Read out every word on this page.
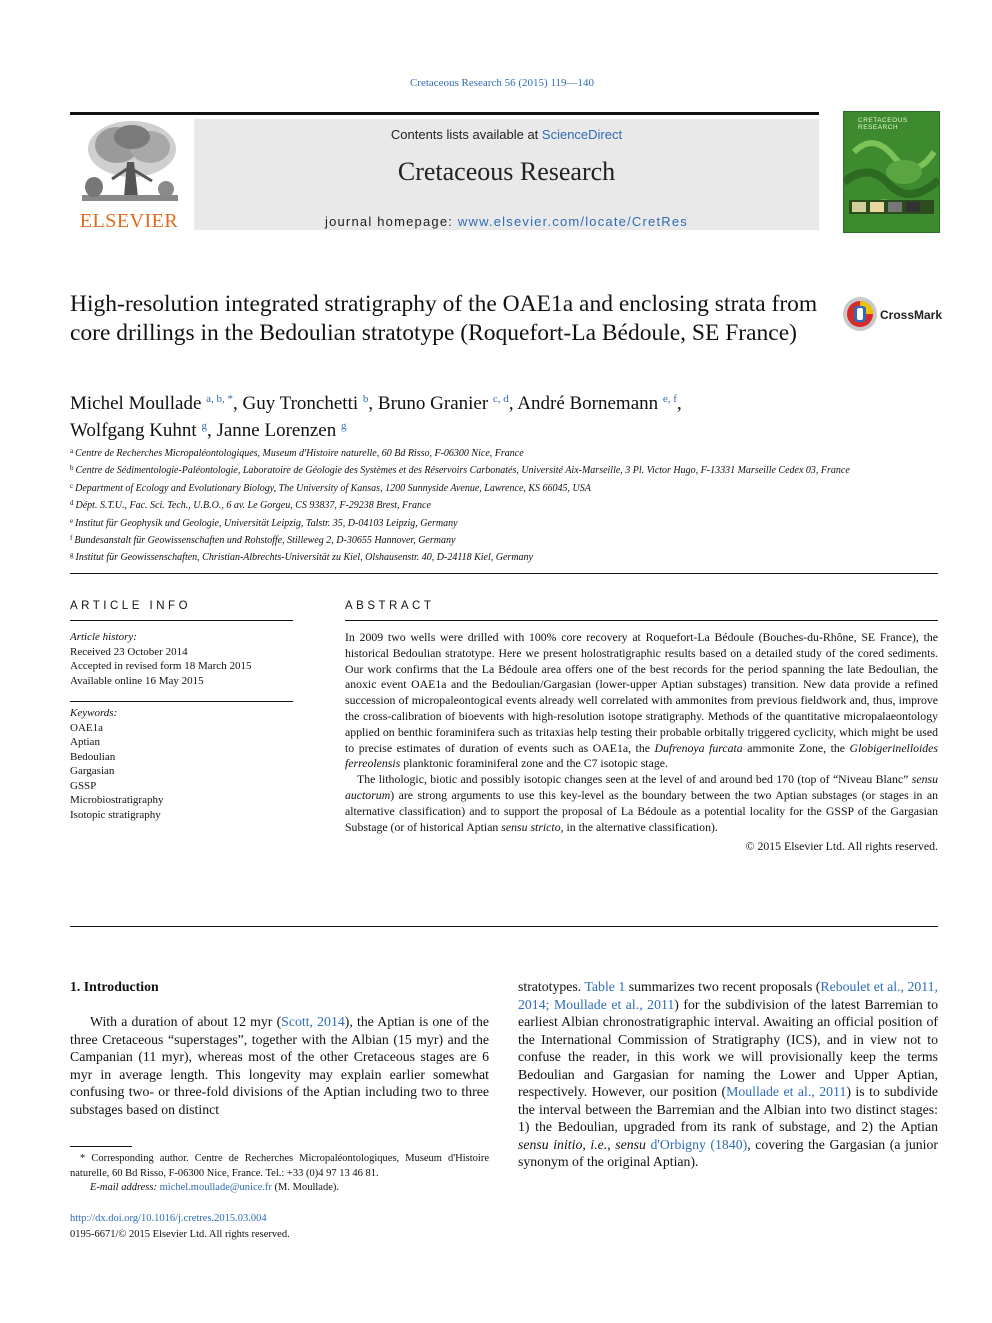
Cretaceous Research 56 (2015) 119—140
ELSEVIER
Contents lists available at ScienceDirect
Cretaceous Research
journal homepage: www.elsevier.com/locate/CretRes
CRETACEOUS RESEARCH
High-resolution integrated stratigraphy of the OAE1a and enclosing strata from core drillings in the Bedoulian stratotype (Roquefort-La Bédoule, SE France)
CrossMark
Michel Moullade $^{a, b, *}$, Guy Tronchetti $^b$, Bruno Granier $^{c, d}$, André Bornemann $^{e, f}$,
Wolfgang Kuhnt $^g$, Janne Lorenzen $^g$
$^a$ Centre de Recherches Micropaléontologiques, Museum d'Histoire naturelle, 60 Bd Risso, F-06300 Nice, France
$^b$ Centre de Sédimentologie-Paléontologie, Laboratoire de Géologie des Systèmes et des Réservoirs Carbonatés, Université Aix-Marseille, 3 Pl. Victor Hugo, F-13331 Marseille Cedex 03, France
$^c$ Department of Ecology and Evolutionary Biology, The University of Kansas, 1200 Sunnyside Avenue, Lawrence, KS 66045, USA
$^d$ Dépt. S.T.U., Fac. Sci. Tech., U.B.O., 6 av. Le Gorgeu, CS 93837, F-29238 Brest, France
$^e$ Institut für Geophysik und Geologie, Universität Leipzig, Talstr. 35, D-04103 Leipzig, Germany
$^f$ Bundesanstalt für Geowissenschaften und Rohstoffe, Stilleweg 2, D-30655 Hannover, Germany
$^g$ Institut für Geowissenschaften, Christian-Albrechts-Universität zu Kiel, Olshausenstr. 40, D-24118 Kiel, Germany
ARTICLE INFO
Article history:
Received 23 October 2014
Accepted in revised form 18 March 2015
Available online 16 May 2015
Keywords:
OAE1a
Aptian
Bedoulian
Gargasian
GSSP
Microbiostratigraphy
Isotopic stratigraphy
ABSTRACT

In 2009 two wells were drilled with 100% core recovery at Roquefort-La Bédoule (Bouches-du-Rhône, SE France), the historical Bedoulian stratotype. Here we present holostratigraphic results based on a detailed study of the cored sediments. Our work confirms that the La Bédoule area offers one of the best records for the period spanning the late Bedoulian, the anoxic event OAE1a and the Bedoulian/Gargasian (lower-upper Aptian substages) transition. New data provide a refined succession of micropaleontogical events already well correlated with ammonites from previous fieldwork and, thus, improve the cross-calibration of bioevents with high-resolution isotope stratigraphy. Methods of the quantitative micropalaeontology applied on benthic foraminifera such as tritaxias help testing their probable orbitally triggered cyclicity, which might be used to precise estimates of duration of events such as OAE1a, the Dufrenoya furcata ammonite Zone, the Globigerinelloides ferreolensis planktonic foraminiferal zone and the C7 isotopic stage.

The lithologic, biotic and possibly isotopic changes seen at the level of and around bed 170 (top of “Niveau Blanc” sensu auctorum) are strong arguments to use this key-level as the boundary between the two Aptian substages (or stages in an alternative classification) and to support the proposal of La Bédoule as a potential locality for the GSSP of the Gargasian Substage (or of historical Aptian sensu stricto, in the alternative classification).

© 2015 Elsevier Ltd. All rights reserved.

1. Introduction

With a duration of about 12 myr (Scott, 2014), the Aptian is one of the three Cretaceous “superstages”, together with the Albian (15 myr) and the Campanian (11 myr), whereas most of the other Cretaceous stages are 6 myr in average length. This longevity may explain earlier somewhat confusing two- or three-fold divisions of the Aptian including two to three substages based on distinct

stratotypes. Table 1 summarizes two recent proposals (Reboulet et al., 2011, 2014; Moullade et al., 2011) for the subdivision of the latest Barremian to earliest Albian chronostratigraphic interval. Awaiting an official position of the International Commission of Stratigraphy (ICS), and in view not to confuse the reader, in this work we will provisionally keep the terms Bedoulian and Gargasian for naming the Lower and Upper Aptian, respectively. However, our position (Moullade et al., 2011) is to subdivide the interval between the Barremian and the Albian into two distinct stages: 1) the Bedoulian, upgraded from its rank of substage, and 2) the Aptian sensu initio, i.e., sensu d'Orbigny (1840), covering the Gargasian (a junior synonym of the original Aptian).

* Corresponding author. Centre de Recherches Micropaléontologiques, Museum d'Histoire naturelle, 60 Bd Risso, F-06300 Nice, France. Tel.: +33 (0)4 97 13 46 81.
E-mail address: michel.moullade@unice.fr (M. Moullade).
http://dx.doi.org/10.1016/j.cretres.2015.03.004
0195-6671/© 2015 Elsevier Ltd. All rights reserved.
